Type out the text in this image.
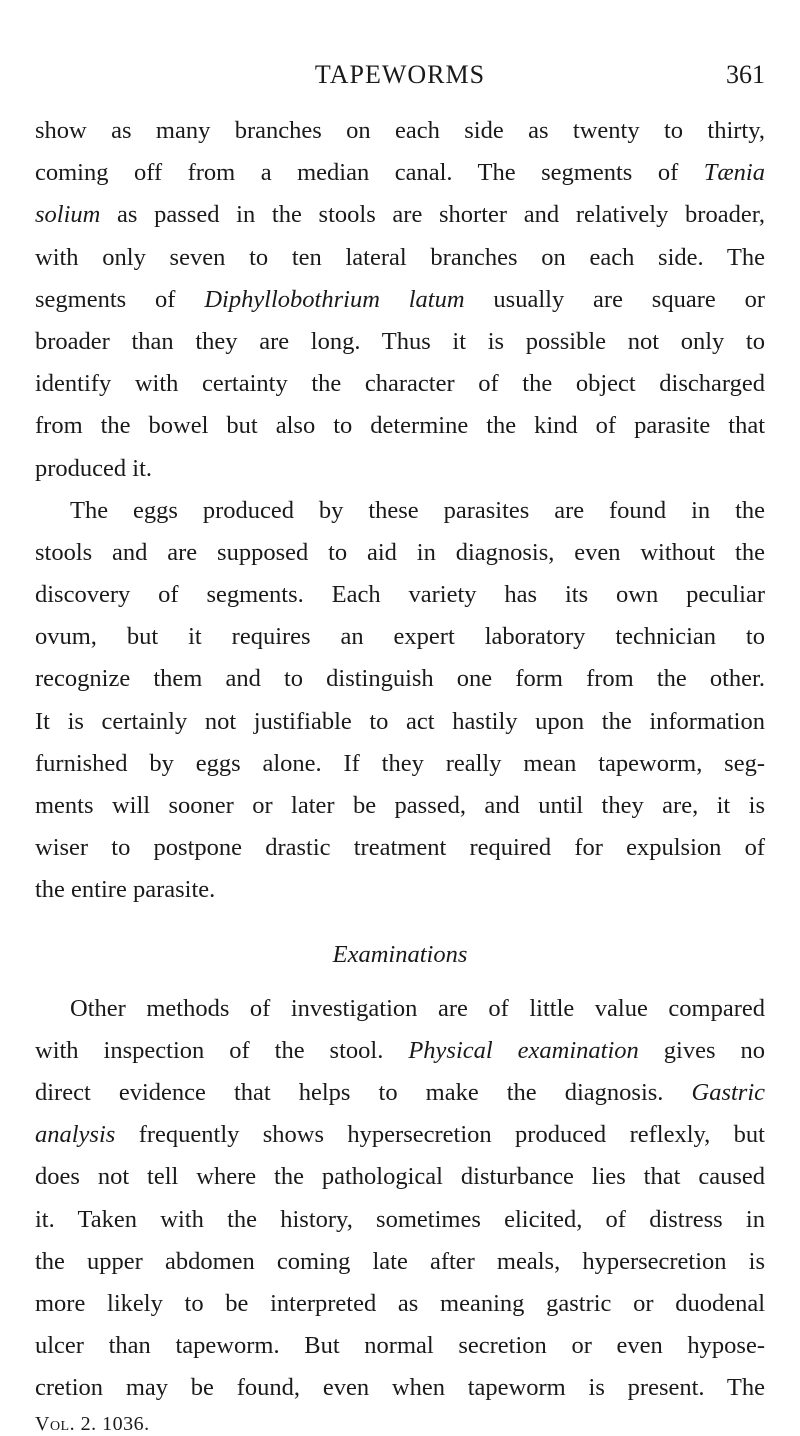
TAPEWORMS	361
show as many branches on each side as twenty to thirty,
coming off from a median canal. The segments of Tænia
solium as passed in the stools are shorter and relatively broader,
with only seven to ten lateral branches on each side. The
segments of Diphyllobothrium latum usually are square or
broader than they are long. Thus it is possible not only to
identify with certainty the character of the object discharged
from the bowel but also to determine the kind of parasite that
produced it.
The eggs produced by these parasites are found in the
stools and are supposed to aid in diagnosis, even without the
discovery of segments. Each variety has its own peculiar
ovum, but it requires an expert laboratory technician to
recognize them and to distinguish one form from the other.
It is certainly not justifiable to act hastily upon the information
furnished by eggs alone. If they really mean tapeworm, seg-
ments will sooner or later be passed, and until they are, it is
wiser to postpone drastic treatment required for expulsion of
the entire parasite.
Examinations
Other methods of investigation are of little value compared
with inspection of the stool. Physical examination gives no
direct evidence that helps to make the diagnosis. Gastric
analysis frequently shows hypersecretion produced reflexly, but
does not tell where the pathological disturbance lies that caused
it. Taken with the history, sometimes elicited, of distress in
the upper abdomen coming late after meals, hypersecretion is
more likely to be interpreted as meaning gastric or duodenal
ulcer than tapeworm. But normal secretion or even hypose-
cretion may be found, even when tapeworm is present. The
Vol. 2. 1036.
